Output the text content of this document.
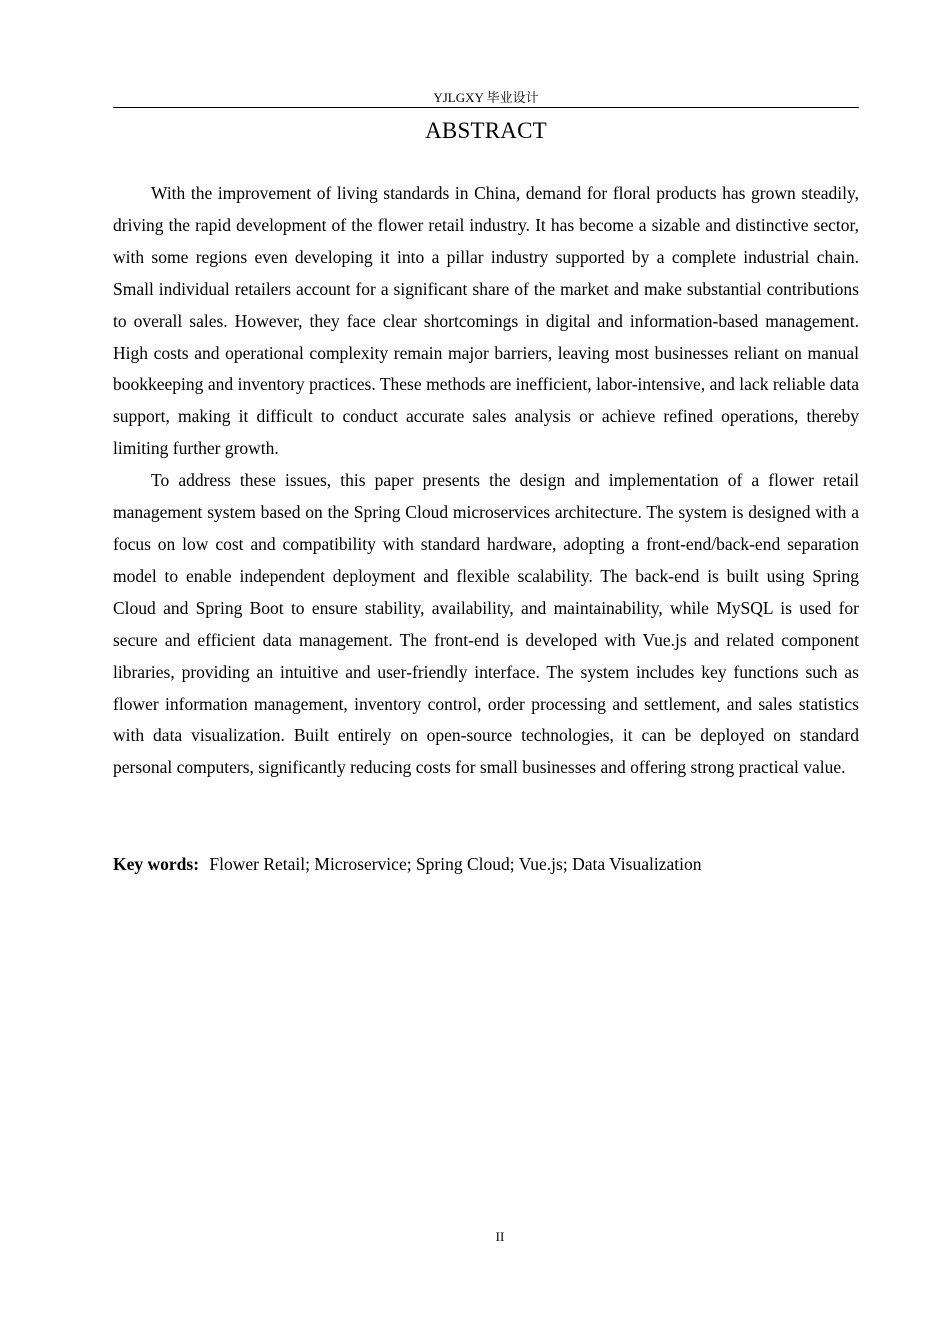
YJLGXY 毕业设计
ABSTRACT

With the improvement of living standards in China, demand for floral products has grown steadily, driving the rapid development of the flower retail industry. It has become a sizable and distinctive sector, with some regions even developing it into a pillar industry supported by a complete industrial chain. Small individual retailers account for a significant share of the market and make substantial contributions to overall sales. However, they face clear shortcomings in digital and information-based management. High costs and operational complexity remain major barriers, leaving most businesses reliant on manual bookkeeping and inventory practices. These methods are inefficient, labor-intensive, and lack reliable data support, making it difficult to conduct accurate sales analysis or achieve refined operations, thereby limiting further growth.

To address these issues, this paper presents the design and implementation of a flower retail management system based on the Spring Cloud microservices architecture. The system is designed with a focus on low cost and compatibility with standard hardware, adopting a front-end/back-end separation model to enable independent deployment and flexible scalability. The back-end is built using Spring Cloud and Spring Boot to ensure stability, availability, and maintainability, while MySQL is used for secure and efficient data management. The front-end is developed with Vue.js and related component libraries, providing an intuitive and user-friendly interface. The system includes key functions such as flower information management, inventory control, order processing and settlement, and sales statistics with data visualization. Built entirely on open-source technologies, it can be deployed on standard personal computers, significantly reducing costs for small businesses and offering strong practical value.

Key words: Flower Retail; Microservice; Spring Cloud; Vue.js; Data Visualization
II
